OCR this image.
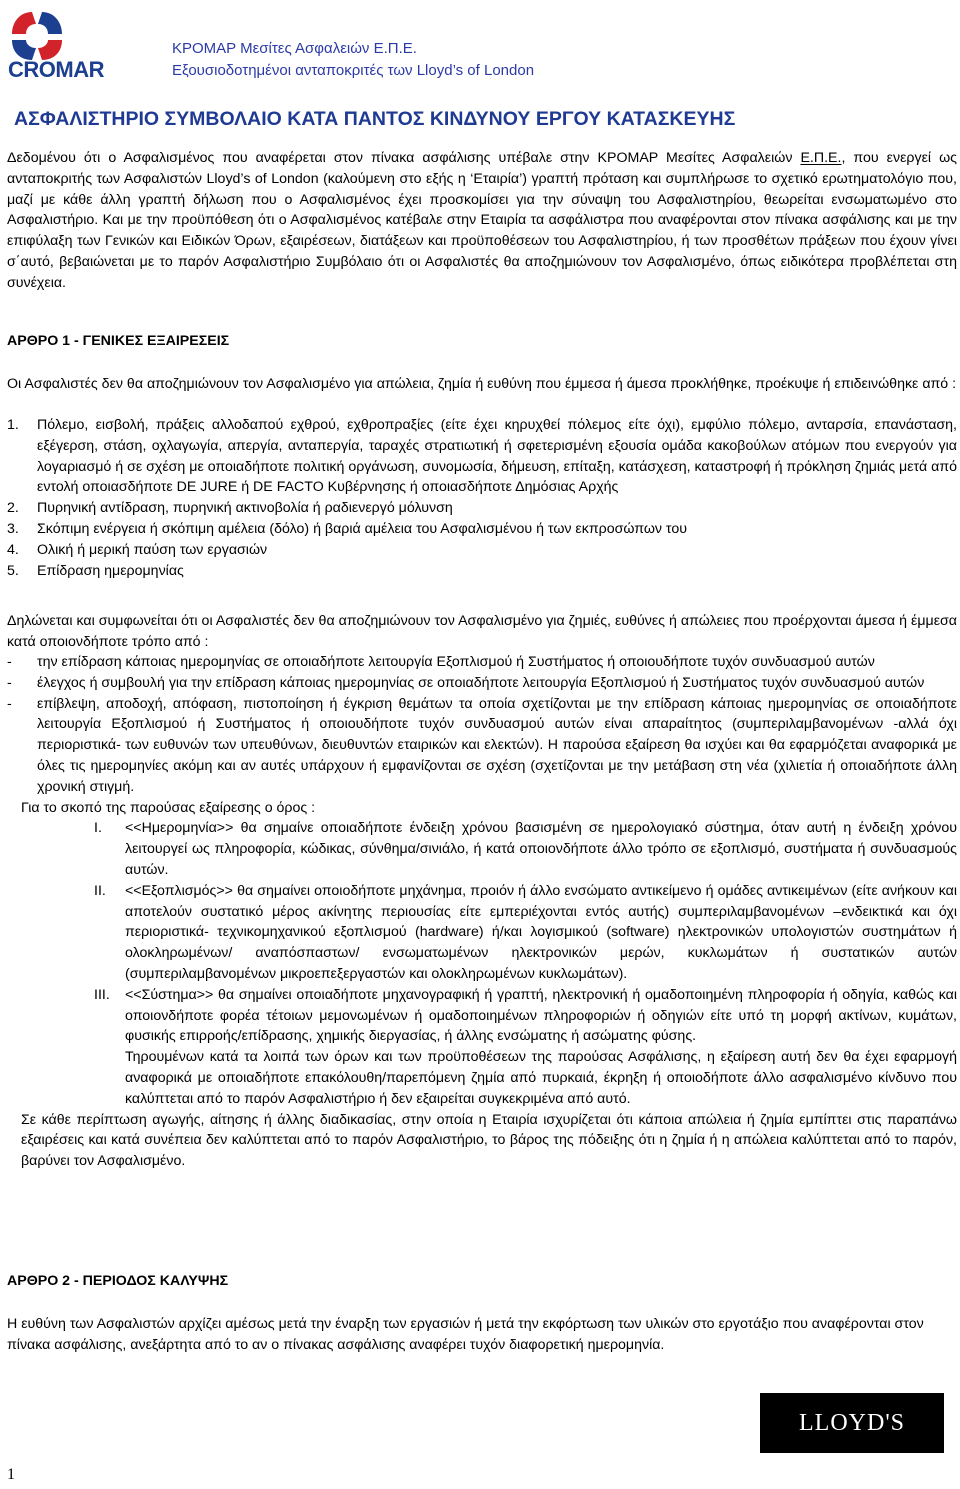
CROMAR
ΚΡΟΜΑΡ Μεσίτες Ασφαλειών Ε.Π.Ε.
Εξουσιοδοτημένοι ανταποκριτές των Lloyd’s of London
ΑΣΦΑΛΙΣΤΗΡΙΟ ΣΥΜΒΟΛΑΙΟ ΚΑΤΑ ΠΑΝΤΟΣ ΚΙΝΔΥΝΟΥ ΕΡΓΟΥ ΚΑΤΑΣΚΕΥΗΣ
Δεδομένου ότι ο Ασφαλισμένος που αναφέρεται στον πίνακα ασφάλισης υπέβαλε στην ΚΡΟΜΑΡ Μεσίτες Ασφαλειών Ε.Π.Ε., που ενεργεί ως ανταποκριτής των Ασφαλιστών Lloyd’s of London (καλούμενη στο εξής η ‘Εταιρία’) γραπτή πρόταση και συμπλήρωσε το σχετικό ερωτηματολόγιο που, μαζί με κάθε άλλη γραπτή δήλωση που ο Ασφαλισμένος έχει προσκομίσει για την σύναψη του Ασφαλιστηρίου, θεωρείται ενσωματωμένο στο Ασφαλιστήριο. Και με την προϋπόθεση ότι ο Ασφαλισμένος κατέβαλε στην Εταιρία τα ασφάλιστρα που αναφέρονται στον πίνακα ασφάλισης και με την επιφύλαξη των Γενικών και Ειδικών Όρων, εξαιρέσεων, διατάξεων και προϋποθέσεων του Ασφαλιστηρίου, ή των προσθέτων πράξεων που έχουν γίνει σ΄αυτό, βεβαιώνεται με το παρόν Ασφαλιστήριο Συμβόλαιο ότι οι Ασφαλιστές θα αποζημιώνουν τον Ασφαλισμένο, όπως ειδικότερα προβλέπεται στη συνέχεια.
ΑΡΘΡΟ 1 - ΓΕΝΙΚΕΣ ΕΞΑΙΡΕΣΕΙΣ
Οι Ασφαλιστές δεν θα αποζημιώνουν τον Ασφαλισμένο για απώλεια, ζημία ή ευθύνη που έμμεσα ή άμεσα προκλήθηκε, προέκυψε ή επιδεινώθηκε από :
1. Πόλεμο, εισβολή, πράξεις αλλοδαπού εχθρού, εχθροπραξίες (είτε έχει κηρυχθεί πόλεμος είτε όχι), εμφύλιο πόλεμο, ανταρσία, επανάσταση, εξέγερση, στάση, οχλαγωγία, απεργία, ανταπεργία, ταραχές στρατιωτική ή σφετερισμένη εξουσία ομάδα κακοβούλων ατόμων που ενεργούν για λογαριασμό ή σε σχέση με οποιαδήποτε πολιτική οργάνωση, συνομωσία, δήμευση, επίταξη, κατάσχεση, καταστροφή ή πρόκληση ζημιάς μετά από εντολή οποιασδήποτε DE JURE ή DE FACTO Κυβέρνησης ή οποιασδήποτε Δημόσιας Αρχής
2. Πυρηνική αντίδραση, πυρηνική ακτινοβολία ή ραδιενεργό μόλυνση
3. Σκόπιμη ενέργεια ή σκόπιμη αμέλεια (δόλο) ή βαριά αμέλεια του Ασφαλισμένου ή των εκπροσώπων του
4. Ολική ή μερική παύση των εργασιών
5. Επίδραση ημερομηνίας
Δηλώνεται και συμφωνείται ότι οι Ασφαλιστές δεν θα αποζημιώνουν τον Ασφαλισμένο για ζημιές, ευθύνες ή απώλειες που προέρχονται άμεσα ή έμμεσα κατά οποιονδήποτε τρόπο από :
- την επίδραση κάποιας ημερομηνίας σε οποιαδήποτε λειτουργία Εξοπλισμού ή Συστήματος ή οποιουδήποτε τυχόν συνδυασμού αυτών
- έλεγχος ή συμβουλή για την επίδραση κάποιας ημερομηνίας σε οποιαδήποτε λειτουργία Εξοπλισμού ή Συστήματος τυχόν συνδυασμού αυτών
- επίβλεψη, αποδοχή, απόφαση, πιστοποίηση ή έγκριση θεμάτων τα οποία σχετίζονται με την επίδραση κάποιας ημερομηνίας σε οποιαδήποτε λειτουργία Εξοπλισμού ή Συστήματος ή οποιουδήποτε τυχόν συνδυασμού αυτών είναι απαραίτητος (συμπεριλαμβανομένων -αλλά όχι περιοριστικά- των ευθυνών των υπευθύνων, διευθυντών εταιρικών και ελεκτών). Η παρούσα εξαίρεση θα ισχύει και θα εφαρμόζεται αναφορικά με όλες τις ημερομηνίες ακόμη και αν αυτές υπάρχουν ή εμφανίζονται σε σχέση (σχετίζονται με την μετάβαση στη νέα (χιλιετία ή οποιαδήποτε άλλη χρονική στιγμή.
Για το σκοπό της παρούσας εξαίρεσης ο όρος :
I. <<Ημερομηνία>> θα σημαίνε οποιαδήποτε ένδειξη χρόνου βασισμένη σε ημερολογιακό σύστημα, όταν αυτή η ένδειξη χρόνου λειτουργεί ως πληροφορία, κώδικας, σύνθημα/σινιάλο, ή κατά οποιονδήποτε άλλο τρόπο σε εξοπλισμό, συστήματα ή συνδυασμούς αυτών.
II. <<Εξοπλισμός>> θα σημαίνει οποιοδήποτε μηχάνημα, προιόν ή άλλο ενσώματο αντικείμενο ή ομάδες αντικειμένων (είτε ανήκουν και αποτελούν συστατικό μέρος ακίνητης περιουσίας είτε εμπεριέχονται εντός αυτής) συμπεριλαμβανομένων –ενδεικτικά και όχι περιοριστικά- τεχνικομηχανικού εξοπλισμού (hardware) ή/και λογισμικού (software) ηλεκτρονικών υπολογιστών συστημάτων ή ολοκληρωμένων/ αναπόσπαστων/ ενσωματωμένων ηλεκτρονικών μερών, κυκλωμάτων ή συστατικών αυτών (συμπεριλαμβανομένων μικροεπεξεργαστών και ολοκληρωμένων κυκλωμάτων).
III. <<Σύστημα>> θα σημαίνει οποιαδήποτε μηχανογραφική ή γραπτή, ηλεκτρονική ή ομαδοποιημένη πληροφορία ή οδηγία, καθώς και οποιονδήποτε φορέα τέτοιων μεμονωμένων ή ομαδοποιημένων πληροφοριών ή οδηγιών είτε υπό τη μορφή ακτίνων, κυμάτων, φυσικής επιρροής/επίδρασης, χημικής διεργασίας, ή άλλης ενσώματης ή ασώματης φύσης.
Τηρουμένων κατά τα λοιπά των όρων και των προϋποθέσεων της παρούσας Ασφάλισης, η εξαίρεση αυτή δεν θα έχει εφαρμογή αναφορικά με οποιαδήποτε επακόλουθη/παρεπόμενη ζημία από πυρκαιά, έκρηξη ή οποιοδήποτε άλλο ασφαλισμένο κίνδυνο που καλύπτεται από το παρόν Ασφαλιστήριο ή δεν εξαιρείται συγκεκριμένα από αυτό.
Σε κάθε περίπτωση αγωγής, αίτησης ή άλλης διαδικασίας, στην οποία η Εταιρία ισχυρίζεται ότι κάποια απώλεια ή ζημία εμπίπτει στις παραπάνω εξαιρέσεις και κατά συνέπεια δεν καλύπτεται από το παρόν Ασφαλιστήριο, το βάρος της πόδειξης ότι η ζημία ή η απώλεια καλύπτεται από το παρόν, βαρύνει τον Ασφαλισμένο.
ΑΡΘΡΟ 2 - ΠΕΡΙΟΔΟΣ ΚΑΛΥΨΗΣ
Η ευθύνη των Ασφαλιστών αρχίζει αμέσως μετά την έναρξη των εργασιών ή μετά την εκφόρτωση των υλικών στο εργοτάξιο που αναφέρονται στον πίνακα ασφάλισης, ανεξάρτητα από το αν ο πίνακας ασφάλισης αναφέρει τυχόν διαφορετική ημερομηνία.
LLOYD'S
1
